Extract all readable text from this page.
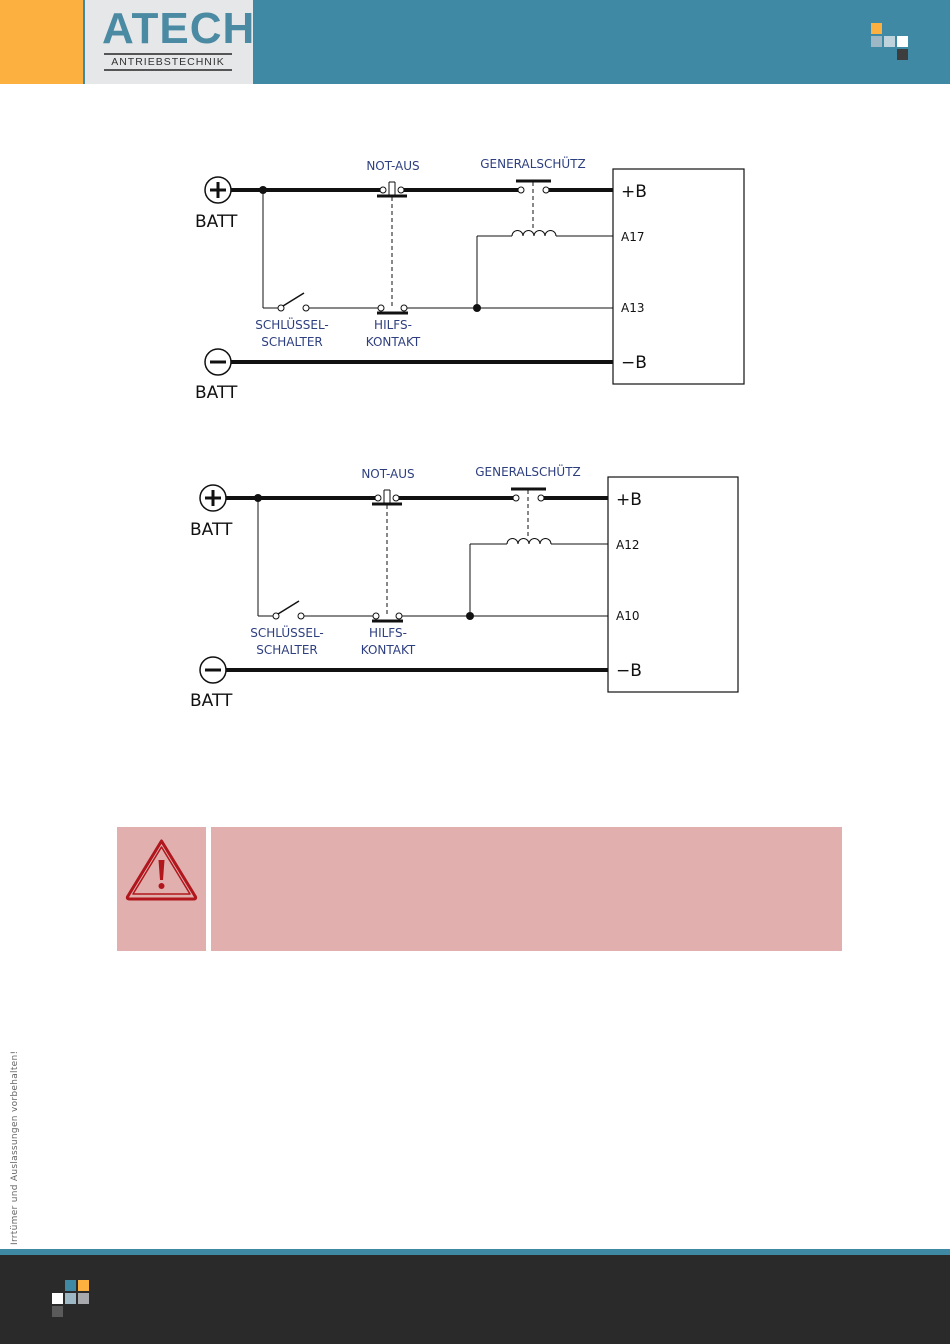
ATECH
ANTRIEBSTECHNIK
BATT
NOT-AUS	GENERALSCHÜTZ
SCHLÜSSEL-
SCHALTER
HILFS-
KONTAKT
BATT
+B
A17
A13
−B
BATT
NOT-AUS	GENERALSCHÜTZ
SCHLÜSSEL-
SCHALTER
HILFS-
KONTAKT
BATT
+B
A12
A10
−B
Irrtümer und Auslassungen vorbehalten!
